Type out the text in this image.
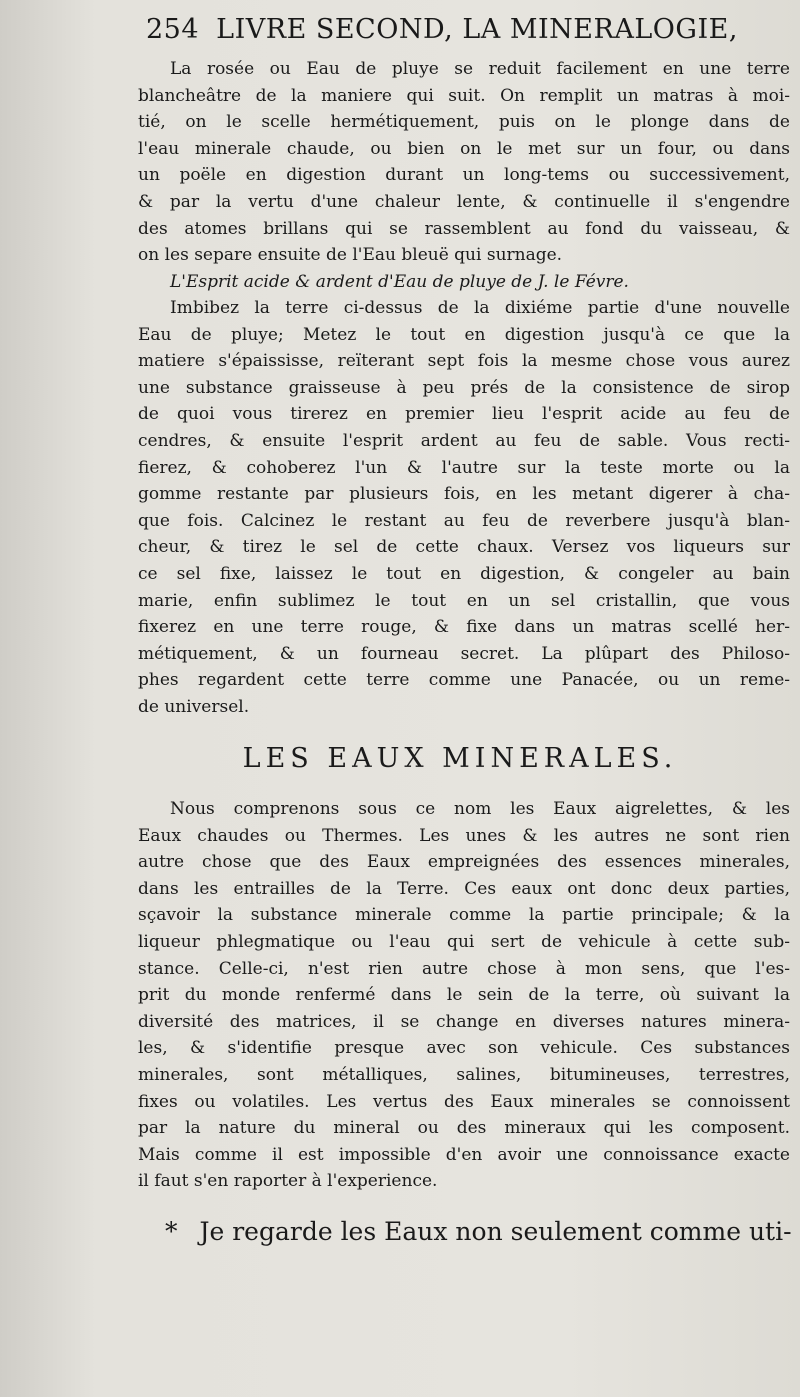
254 LIVRE SECOND, LA MINERALOGIE,
La rosée ou Eau de pluye se reduit facilement en une terre
blancheâtre de la maniere qui suit. On remplit un matras à moi-
tié, on le scelle hermétiquement, puis on le plonge dans de
l'eau minerale chaude, ou bien on le met sur un four, ou dans
un poële en digestion durant un long-tems ou successivement,
& par la vertu d'une chaleur lente, & continuelle il s'engendre
des atomes brillans qui se rassemblent au fond du vaisseau, &
on les separe ensuite de l'Eau bleuë qui surnage.
L'Esprit acide & ardent d'Eau de pluye de J. le Févre.
Imbibez la terre ci-dessus de la dixiéme partie d'une nouvelle
Eau de pluye; Metez le tout en digestion jusqu'à ce que la
matiere s'épaississe, reïterant sept fois la mesme chose vous aurez
une substance graisseuse à peu prés de la consistence de sirop
de quoi vous tirerez en premier lieu l'esprit acide au feu de
cendres, & ensuite l'esprit ardent au feu de sable. Vous recti-
fierez, & cohoberez l'un & l'autre sur la teste morte ou la
gomme restante par plusieurs fois, en les metant digerer à cha-
que fois. Calcinez le restant au feu de reverbere jusqu'à blan-
cheur, & tirez le sel de cette chaux. Versez vos liqueurs sur
ce sel fixe, laissez le tout en digestion, & congeler au bain
marie, enfin sublimez le tout en un sel cristallin, que vous
fixerez en une terre rouge, & fixe dans un matras scellé her-
métiquement, & un fourneau secret. La plûpart des Philoso-
phes regardent cette terre comme une Panacée, ou un reme-
de universel.
LES EAUX MINERALES.
Nous comprenons sous ce nom les Eaux aigrelettes, & les
Eaux chaudes ou Thermes. Les unes & les autres ne sont rien
autre chose que des Eaux empreignées des essences minerales,
dans les entrailles de la Terre. Ces eaux ont donc deux parties,
sçavoir la substance minerale comme la partie principale; & la
liqueur phlegmatique ou l'eau qui sert de vehicule à cette sub-
stance. Celle-ci, n'est rien autre chose à mon sens, que l'es-
prit du monde renfermé dans le sein de la terre, où suivant la
diversité des matrices, il se change en diverses natures minera-
les, & s'identifie presque avec son vehicule. Ces substances
minerales, sont métalliques, salines, bitumineuses, terrestres,
fixes ou volatiles. Les vertus des Eaux minerales se connoissent
par la nature du mineral ou des mineraux qui les composent.
Mais comme il est impossible d'en avoir une connoissance exacte
il faut s'en raporter à l'experience.
* Je regarde les Eaux non seulement comme uti-
